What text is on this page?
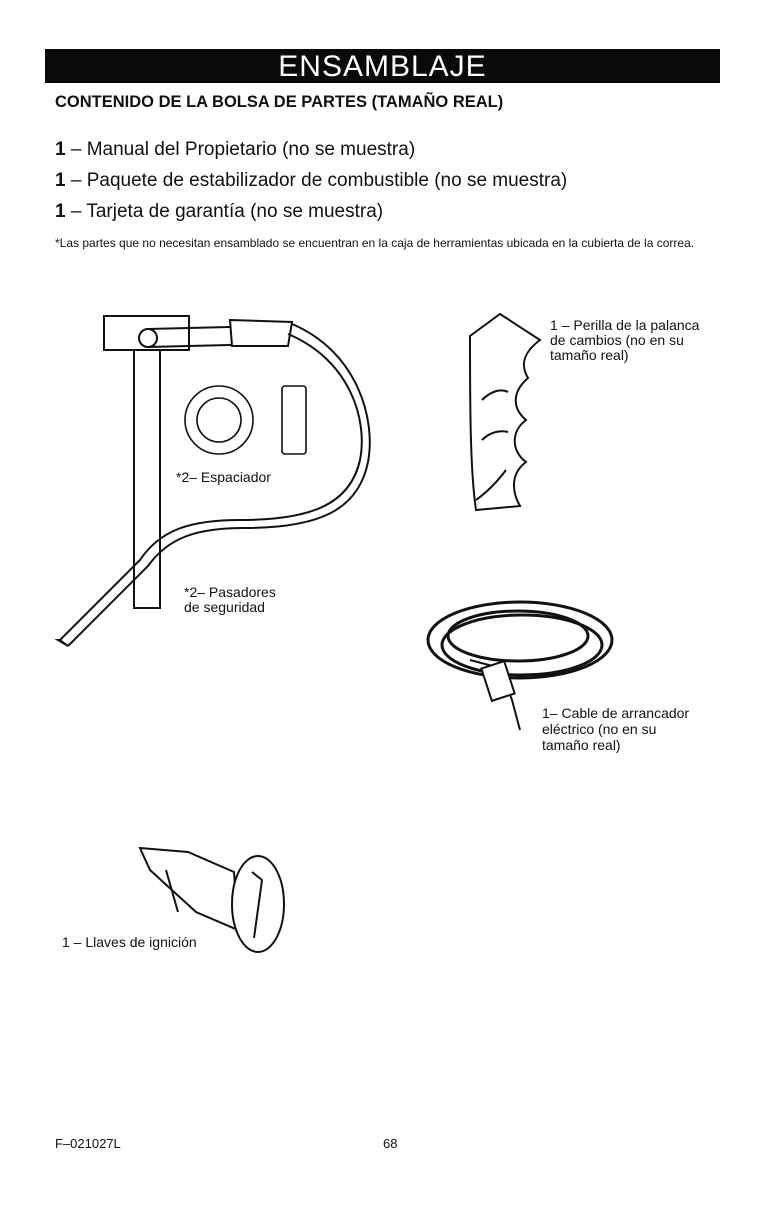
ENSAMBLAJE
CONTENIDO DE LA BOLSA DE PARTES (TAMAÑO REAL)
1 – Manual del Propietario (no se muestra)
1 – Paquete de estabilizador de combustible (no se muestra)
1 – Tarjeta de garantía (no se muestra)
*Las partes que no necesitan ensamblado se encuentran en la caja de herramientas ubicada en la cubierta de la correa.
*2– Espaciador
*2– Pasadores
de seguridad
1 – Perilla de la palanca
de cambios (no en su
tamaño real)
1– Cable de arrancador
eléctrico (no en su
tamaño real)
1 – Llaves de ignición
F–021027L	68
